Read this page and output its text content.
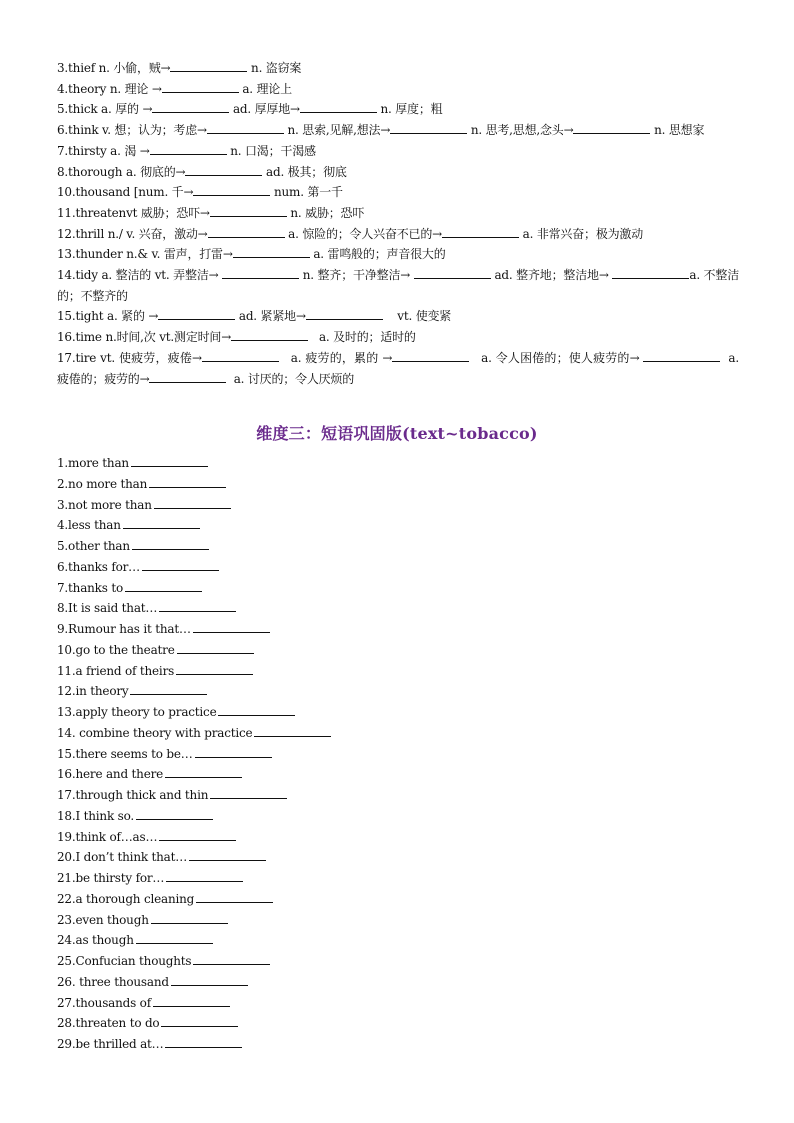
3.thief n. 小偷，贼→	n. 盗窃案
4.theory n. 理论 →	a. 理论上
5.thick a. 厚的 →	ad. 厚厚地→	n. 厚度；粗
6.think v. 想；认为；考虑→	n. 思索,见解,想法→	n. 思考,思想,念头→	n. 思想家
7.thirsty a. 渴 →	n. 口渴；干渴感
8.thorough a. 彻底的→	ad. 极其；彻底
10.thousand [num. 千→	num. 第一千
11.threatenvt 威胁；恐吓→	n. 威胁；恐吓
12.thrill n./ v. 兴奋，激动→	a. 惊险的；令人兴奋不已的→	a. 非常兴奋；极为激动
13.thunder n.& v. 雷声，打雷→	a. 雷鸣般的；声音很大的
14.tidy a. 整洁的 vt. 弄整洁→	n. 整齐；干净整洁→	ad. 整齐地；整洁地→	a. 不整洁的；不整齐的
15.tight a. 紧的 →	ad. 紧紧地→	vt. 使变紧
16.time n.时间,次 vt.测定时间→	a. 及时的；适时的
17.tire vt. 使疲劳，疲倦→	a. 疲劳的，累的 →	a. 令人困倦的；使人疲劳的→	a. 疲倦的；疲劳的→	a. 讨厌的；令人厌烦的
维度三：短语巩固版(text~tobacco)
1.more than
2.no more than
3.not more than
4.less than
5.other than
6.thanks for…
7.thanks to
8.It is said that…
9.Rumour has it that…
10.go to the theatre
11.a friend of theirs
12.in theory
13.apply theory to practice
14. combine theory with practice
15.there seems to be…
16.here and there
17.through thick and thin
18.I think so.
19.think of…as…
20.I don’t think that…
21.be thirsty for…
22.a thorough cleaning
23.even though
24.as though
25.Confucian thoughts
26. three thousand
27.thousands of
28.threaten to do
29.be thrilled at…
